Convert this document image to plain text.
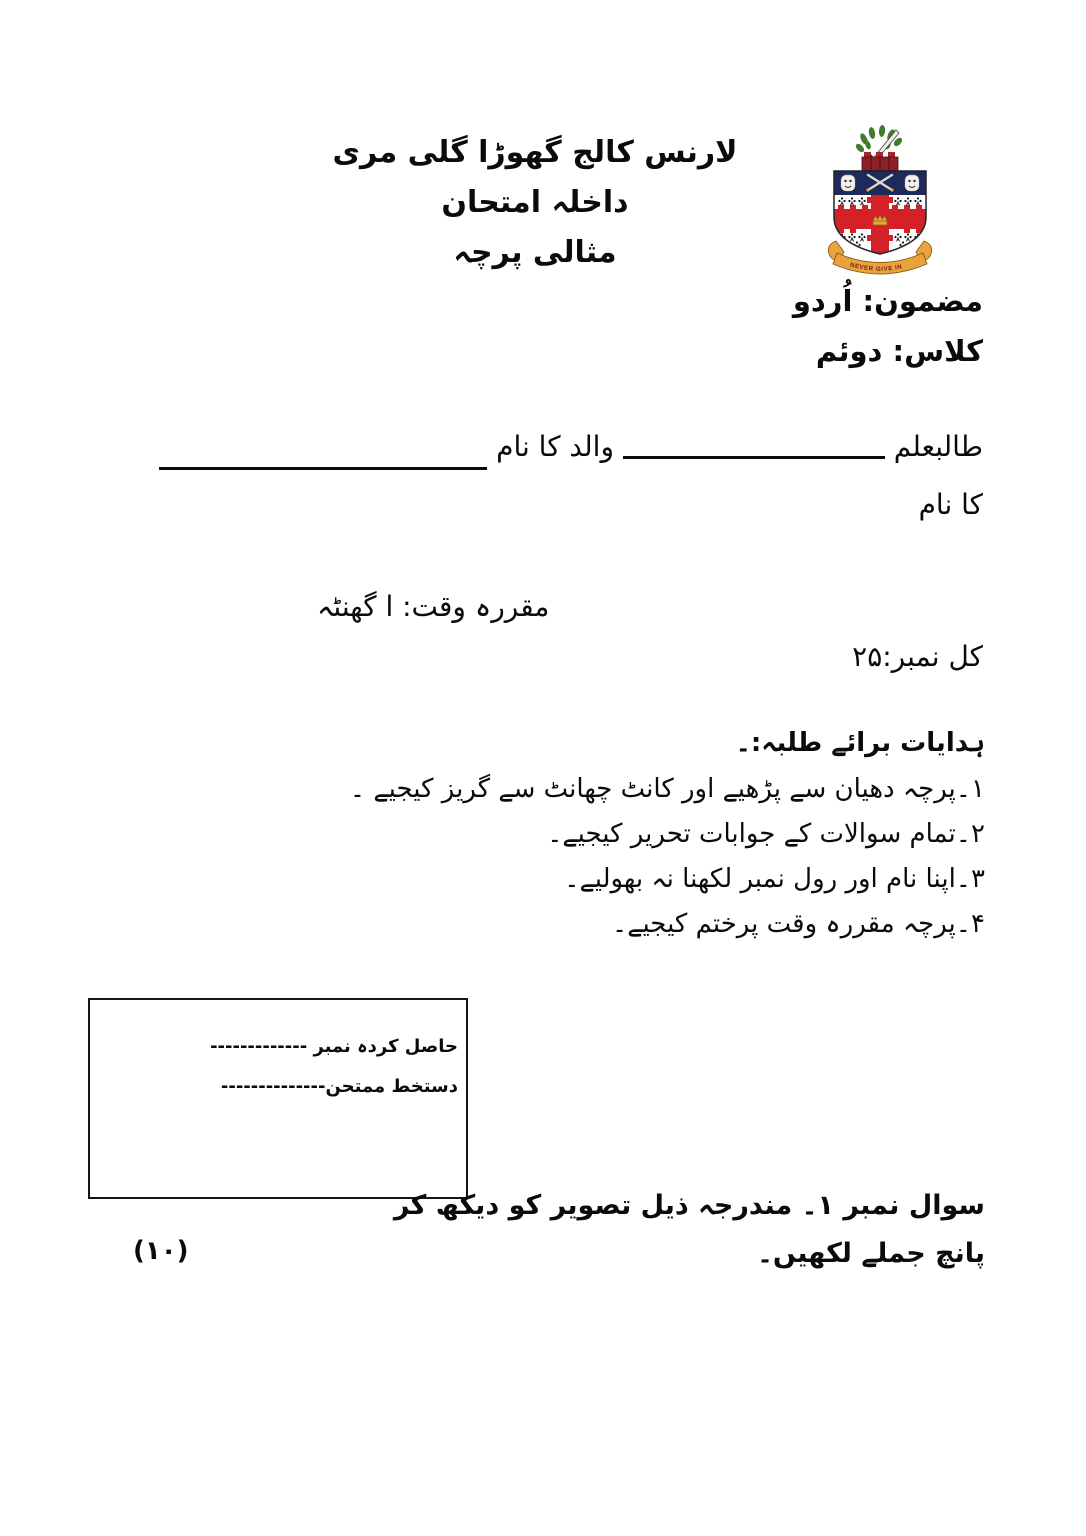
لارنس کالج گھوڑا گلی مری
داخلہ امتحان
مثالی پرچہ	NEVER GIVE IN
مضمون: اُردو
کلاس: دوئم
طالبعلم  والد کا نام
کا نام
مقررہ وقت: ا گھنٹہ
کل نمبر:۲۵
ہدایات برائے طلبہ:۔
۱۔پرچہ دھیان سے پڑھیے اور کانٹ چھانٹ سے گریز کیجیے ۔
۲۔تمام سوالات کے جوابات تحریر کیجیے۔
۳۔اپنا نام اور رول نمبر لکھنا نہ بھولیے۔
۴۔پرچہ مقررہ وقت پرختم کیجیے۔
حاصل کردہ نمبر -------------
دستخط ممتحن--------------
سوال نمبر ۱۔ مندرجہ ذیل تصویر کو دیکھ کر
پانچ جملے لکھیں۔
(۱۰)
